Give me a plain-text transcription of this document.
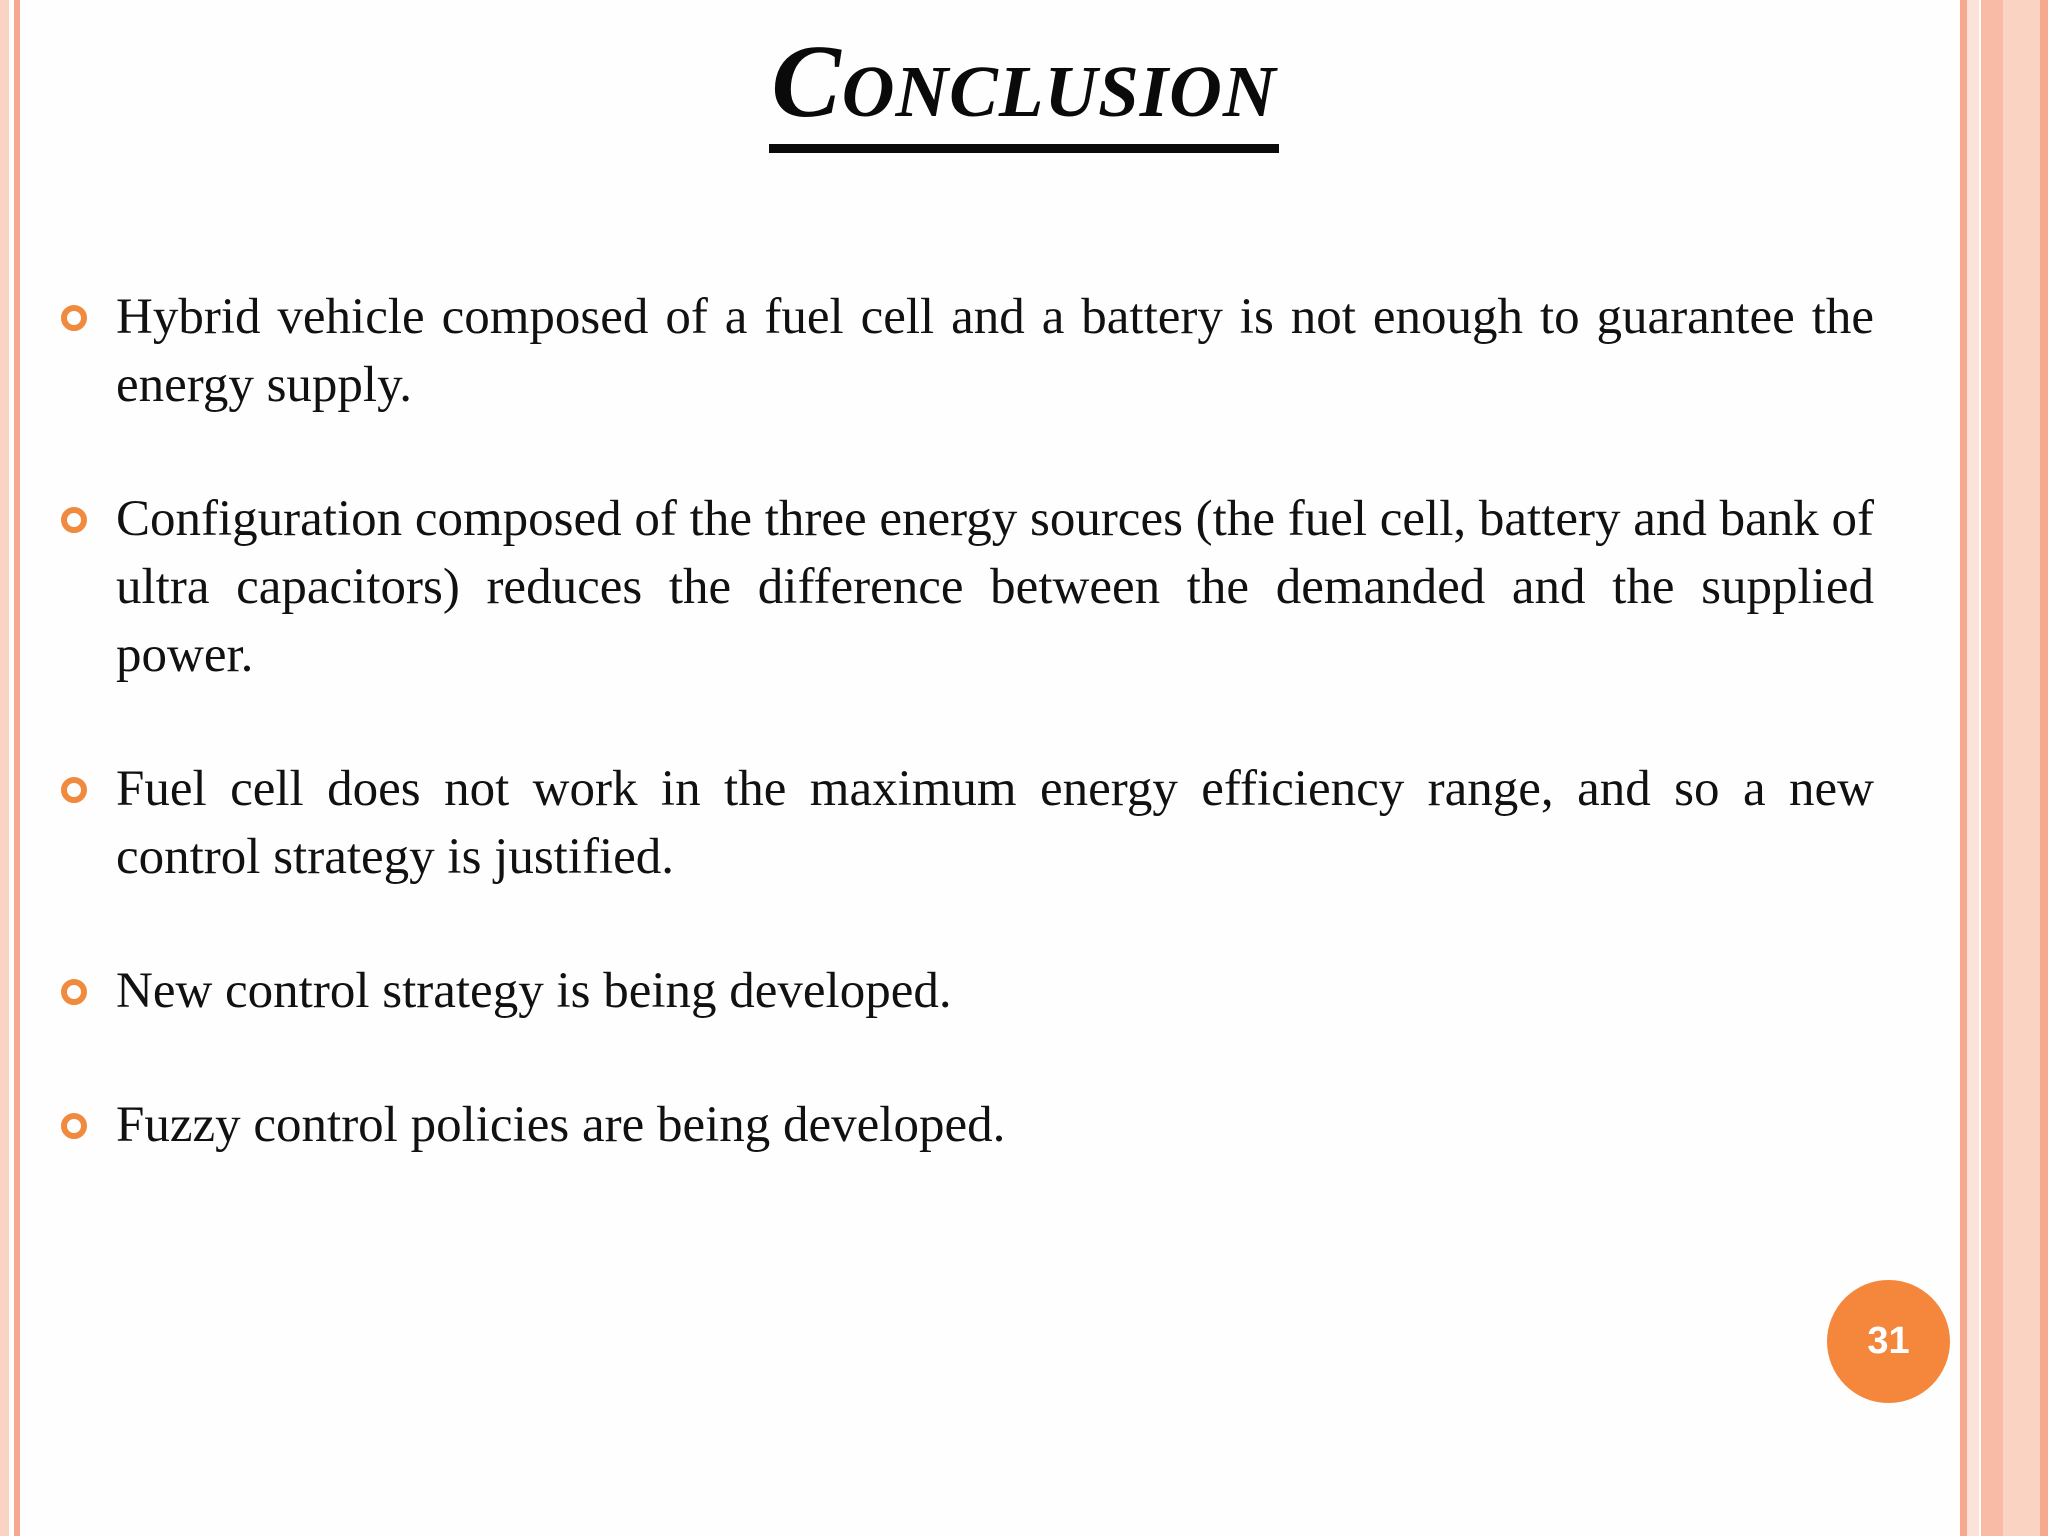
Conclusion
Hybrid vehicle composed of a fuel cell and a battery is not enough to guarantee the energy supply.
Configuration composed of the three energy sources (the fuel cell, battery and bank of ultra capacitors) reduces the difference between the demanded and the supplied power.
Fuel cell does not work in the maximum energy efficiency range, and so a new control strategy is justified.
New control strategy is being developed.
Fuzzy control policies are being developed.
31
